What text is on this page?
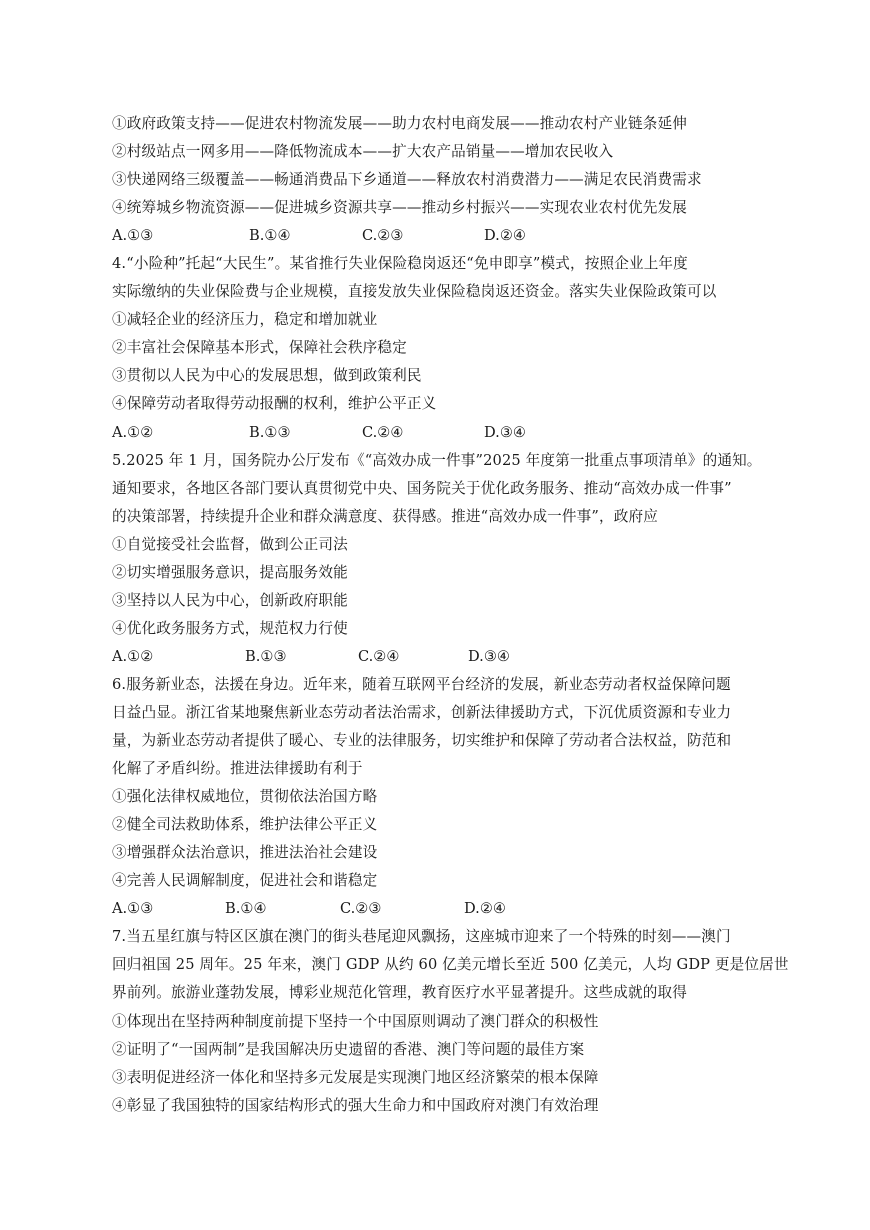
①政府政策支持——促进农村物流发展——助力农村电商发展——推动农村产业链条延伸
②村级站点一网多用——降低物流成本——扩大农产品销量——增加农民收入
③快递网络三级覆盖——畅通消费品下乡通道——释放农村消费潜力——满足农民消费需求
④统筹城乡物流资源——促进城乡资源共享——推动乡村振兴——实现农业农村优先发展
A.①③	B.①④	C.②③	D.②④
4.“小险种”托起“大民生”。某省推行失业保险稳岗返还“免申即享”模式，按照企业上年度
实际缴纳的失业保险费与企业规模，直接发放失业保险稳岗返还资金。落实失业保险政策可以
①减轻企业的经济压力，稳定和增加就业
②丰富社会保障基本形式，保障社会秩序稳定
③贯彻以人民为中心的发展思想，做到政策利民
④保障劳动者取得劳动报酬的权利，维护公平正义
A.①②	B.①③	C.②④	D.③④
5.2025 年 1 月，国务院办公厅发布《“高效办成一件事”2025 年度第一批重点事项清单》的通知。
通知要求，各地区各部门要认真贯彻党中央、国务院关于优化政务服务、推动“高效办成一件事”
的决策部署，持续提升企业和群众满意度、获得感。推进“高效办成一件事”，政府应
①自觉接受社会监督，做到公正司法
②切实增强服务意识，提高服务效能
③坚持以人民为中心，创新政府职能
④优化政务服务方式，规范权力行使
A.①②	B.①③	C.②④	D.③④
6.服务新业态，法援在身边。近年来，随着互联网平台经济的发展，新业态劳动者权益保障问题
日益凸显。浙江省某地聚焦新业态劳动者法治需求，创新法律援助方式，下沉优质资源和专业力
量，为新业态劳动者提供了暖心、专业的法律服务，切实维护和保障了劳动者合法权益，防范和
化解了矛盾纠纷。推进法律援助有利于
①强化法律权威地位，贯彻依法治国方略
②健全司法救助体系，维护法律公平正义
③增强群众法治意识，推进法治社会建设
④完善人民调解制度，促进社会和谐稳定
A.①③	B.①④	C.②③	D.②④
7.当五星红旗与特区区旗在澳门的街头巷尾迎风飘扬，这座城市迎来了一个特殊的时刻——澳门
回归祖国 25 周年。25 年来，澳门 GDP 从约 60 亿美元增长至近 500 亿美元，人均 GDP 更是位居世
界前列。旅游业蓬勃发展，博彩业规范化管理，教育医疗水平显著提升。这些成就的取得
①体现出在坚持两种制度前提下坚持一个中国原则调动了澳门群众的积极性
②证明了“一国两制”是我国解决历史遗留的香港、澳门等问题的最佳方案
③表明促进经济一体化和坚持多元发展是实现澳门地区经济繁荣的根本保障
④彰显了我国独特的国家结构形式的强大生命力和中国政府对澳门有效治理
